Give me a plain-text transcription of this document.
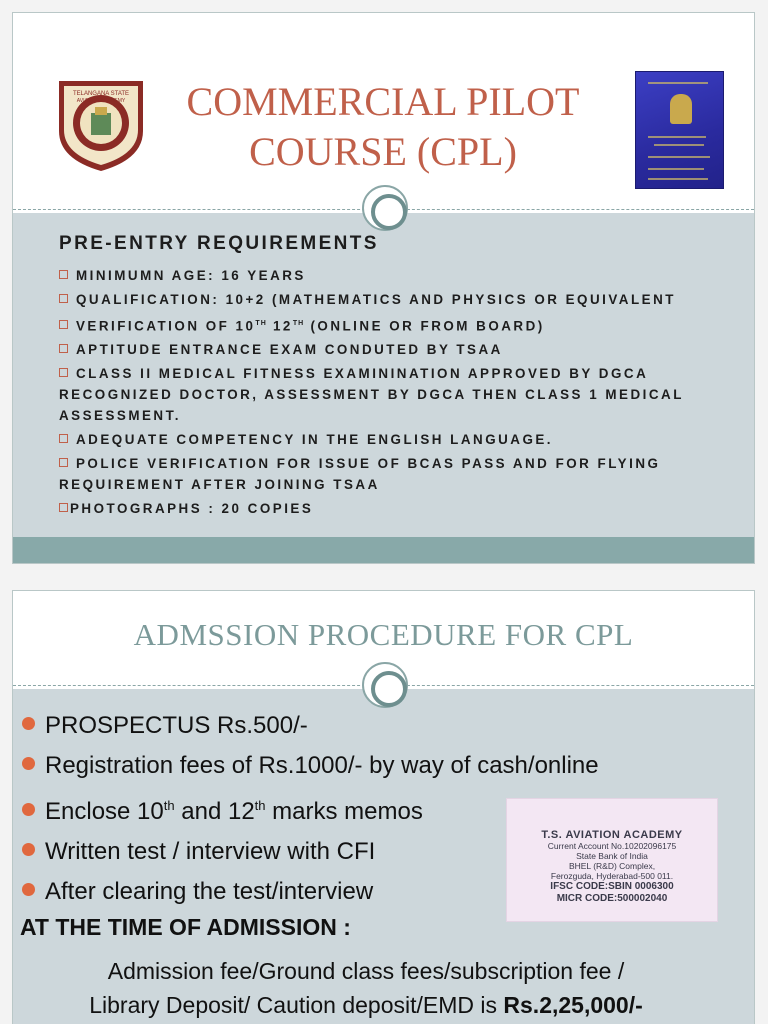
TELANGANA STATE
AVIATION ACADEMY	COMMERCIAL PILOT
COURSE (CPL)
PRE-ENTRY REQUIREMENTS
MINIMUMN AGE: 16 YEARS
QUALIFICATION: 10+2 (MATHEMATICS AND PHYSICS OR EQUIVALENT
VERIFICATION OF 10TH 12TH (ONLINE OR FROM BOARD)
APTITUDE ENTRANCE EXAM CONDUTED BY TSAA
CLASS II MEDICAL FITNESS EXAMININATION APPROVED BY DGCA RECOGNIZED DOCTOR, ASSESSMENT BY DGCA THEN CLASS 1 MEDICAL ASSESSMENT.
ADEQUATE COMPETENCY IN THE ENGLISH LANGUAGE.
POLICE VERIFICATION FOR ISSUE OF BCAS PASS AND FOR FLYING REQUIREMENT AFTER JOINING TSAA
PHOTOGRAPHS : 20 COPIES
ADMSSION PROCEDURE FOR CPL
PROSPECTUS Rs.500/-
Registration fees of Rs.1000/- by way of cash/online
Enclose 10th and 12th marks memos
Written test / interview with CFI
After clearing the test/interview
T.S. AVIATION ACADEMY
Current Account No.10202096175
State Bank of India
BHEL (R&D) Complex,
Ferozguda, Hyderabad-500 011.
IFSC CODE:SBIN 0006300
MICR CODE:500002040
AT THE TIME OF ADMISSION :
Admission fee/Ground class fees/subscription fee /
Library Deposit/ Caution deposit/EMD is Rs.2,25,000/-
